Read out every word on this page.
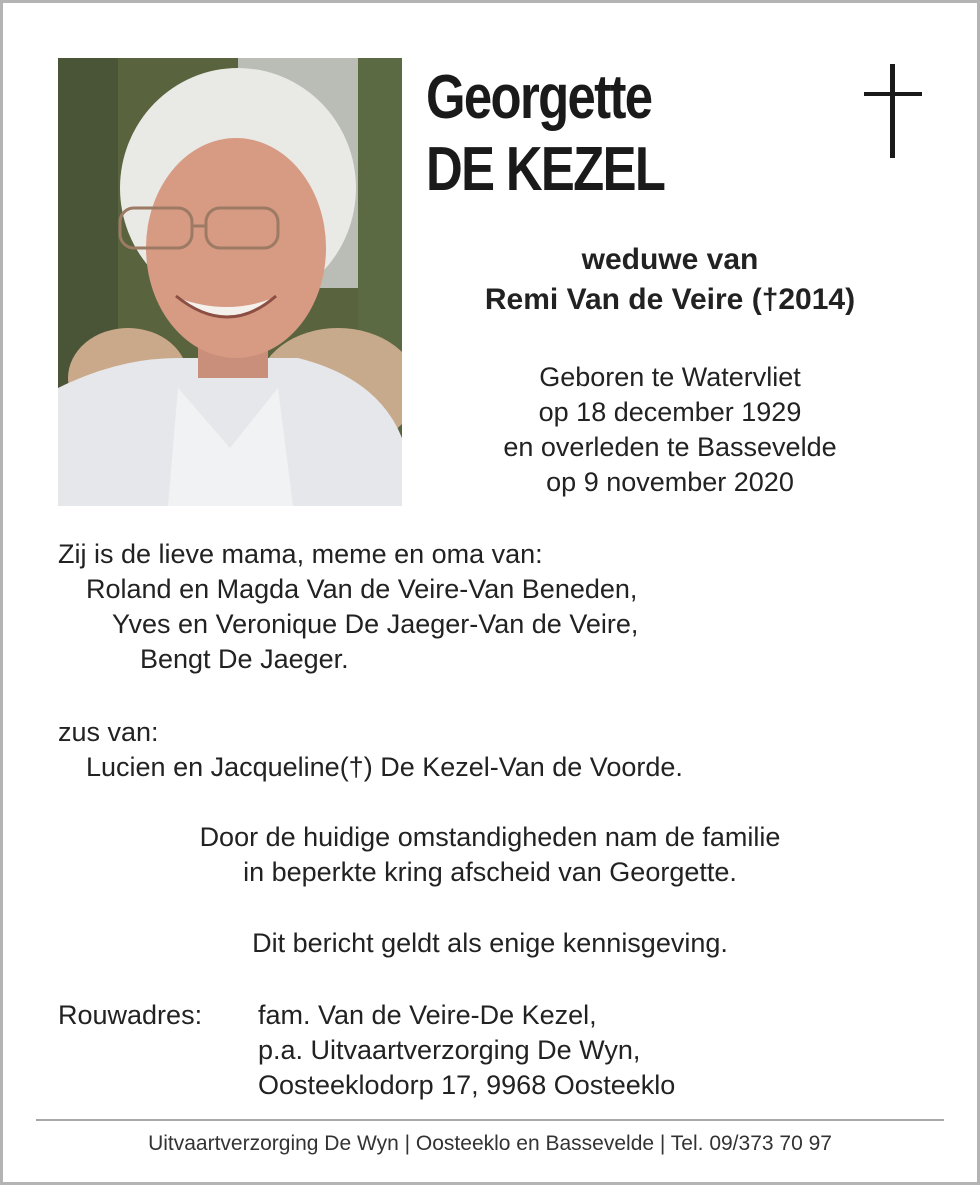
Georgette
DE KEZEL
weduwe van
Remi Van de Veire (†2014)
Geboren te Watervliet
op 18 december 1929
en overleden te Bassevelde
op 9 november 2020
Zij is de lieve mama, meme en oma van:
Roland en Magda Van de Veire-Van Beneden,
Yves en Veronique De Jaeger-Van de Veire,
Bengt De Jaeger.
zus van:
Lucien en Jacqueline(†) De Kezel-Van de Voorde.
Door de huidige omstandigheden nam de familie
in beperkte kring afscheid van Georgette.
Dit bericht geldt als enige kennisgeving.
Rouwadres: fam. Van de Veire-De Kezel,
p.a. Uitvaartverzorging De Wyn,
Oosteeklodorp 17, 9968 Oosteeklo
Uitvaartverzorging De Wyn | Oosteeklo en Bassevelde | Tel. 09/373 70 97
